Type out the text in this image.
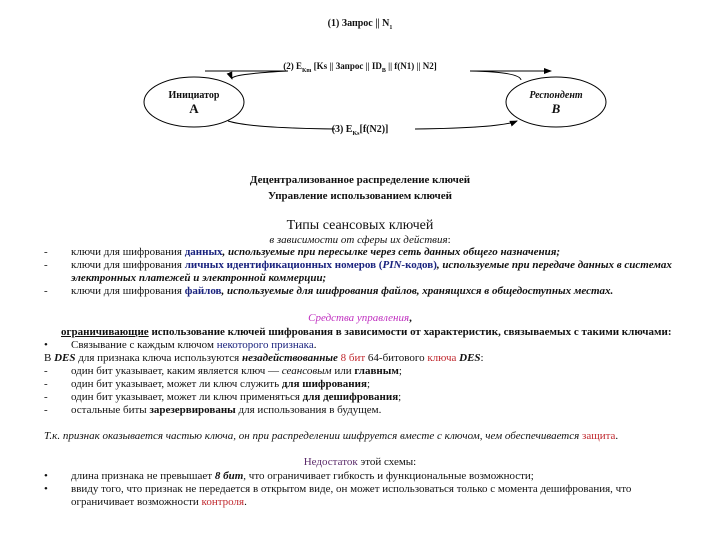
(1) Запрос || $N_1$
(2) $E_{Кm}$ [Ks || Запрос || $ID_B$ || f(N1) || N2]
(3) $E_{Ks}[f(N2)]$
Инициатор
A
Респондент
B
Децентрализованное распределение ключей
Управление использованием ключей
Типы сеансовых ключей
в зависимости от сферы их действия:
- ключи для шифрования данных, используемые при пересылке через сеть данных общего назначения;
- ключи для шифрования личных идентификационных номеров (PIN-кодов), используемые при передаче данных в системах
электронных платежей и электронной коммерции;
- ключи для шифрования файлов, используемые для шифрования файлов, хранящихся в общедоступных местах.
Средства управления,
ограничивающие использование ключей шифрования в зависимости от характеристик, связываемых с такими ключами:
• Связывание с каждым ключом некоторого признака.
В DES для признака ключа используются незадействованные 8 бит 64-битового ключа DES:
- один бит указывает, каким является ключ — сеансовым или главным;
- один бит указывает, может ли ключ служить для шифрования;
- один бит указывает, может ли ключ применяться для дешифрования;
- остальные биты зарезервированы для использования в будущем.
Т.к. признак оказывается частью ключа, он при распределении шифруется вместе с ключом, чем обеспечивается защита.
Недостаток этой схемы:
• длина признака не превышает 8 бит, что ограничивает гибкость и функциональные возможности;
• ввиду того, что признак не передается в открытом виде, он может использоваться только с момента дешифрования, что
ограничивает возможности контроля.
